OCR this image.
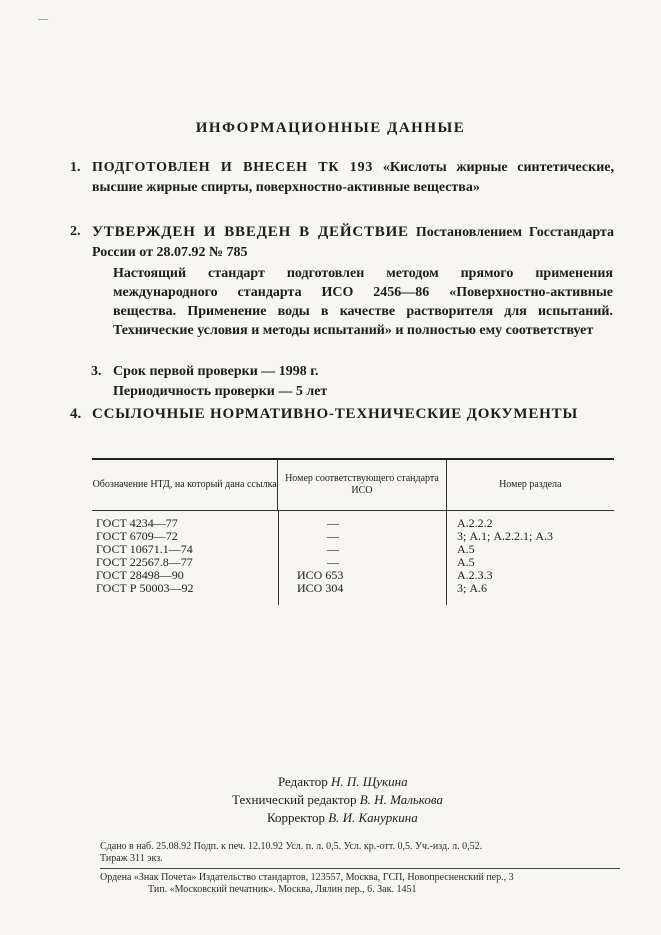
—
ИНФОРМАЦИОННЫЕ ДАННЫЕ
1. ПОДГОТОВЛЕН И ВНЕСЕН ТК 193 «Кислоты жирные синтетические, высшие жирные спирты, поверхностно-активные вещества»
2. УТВЕРЖДЕН И ВВЕДЕН В ДЕЙСТВИЕ Постановлением Госстандарта России от 28.07.92 № 785
Настоящий стандарт подготовлен методом прямого применения международного стандарта ИСО 2456—86 «Поверхностно-активные вещества. Применение воды в качестве растворителя для испытаний. Технические условия и методы испытаний» и полностью ему соответствует
3. Срок первой проверки — 1998 г.
Периодичность проверки — 5 лет
4. ССЫЛОЧНЫЕ НОРМАТИВНО-ТЕХНИЧЕСКИЕ ДОКУМЕНТЫ
Обозначение НТД, на который дана ссылка
Номер соответствующего стандарта ИСО
Номер раздела
ГОСТ 4234—77
ГОСТ 6709—72
ГОСТ 10671.1—74
ГОСТ 22567.8—77
ГОСТ 28498—90
ГОСТ Р 50003—92
—
—
—
—
ИСО 653
ИСО 304
А.2.2.2
3; А.1; А.2.2.1; А.3
А.5
А.5
А.2.3.3
3; А.6
Редактор Н. П. Щукина
Технический редактор В. Н. Малькова
Корректор В. И. Кануркина
Сдано в наб. 25.08.92 Подп. к печ. 12.10.92 Усл. п. л. 0,5. Усл. кр.-отт. 0,5. Уч.-изд. л. 0,52.
Тираж 311 экз.
Ордена «Знак Почета» Издательство стандартов, 123557, Москва, ГСП, Новопресненский пер., 3
Тип. «Московский печатник». Москва, Лялин пер., 6. Зак. 1451
